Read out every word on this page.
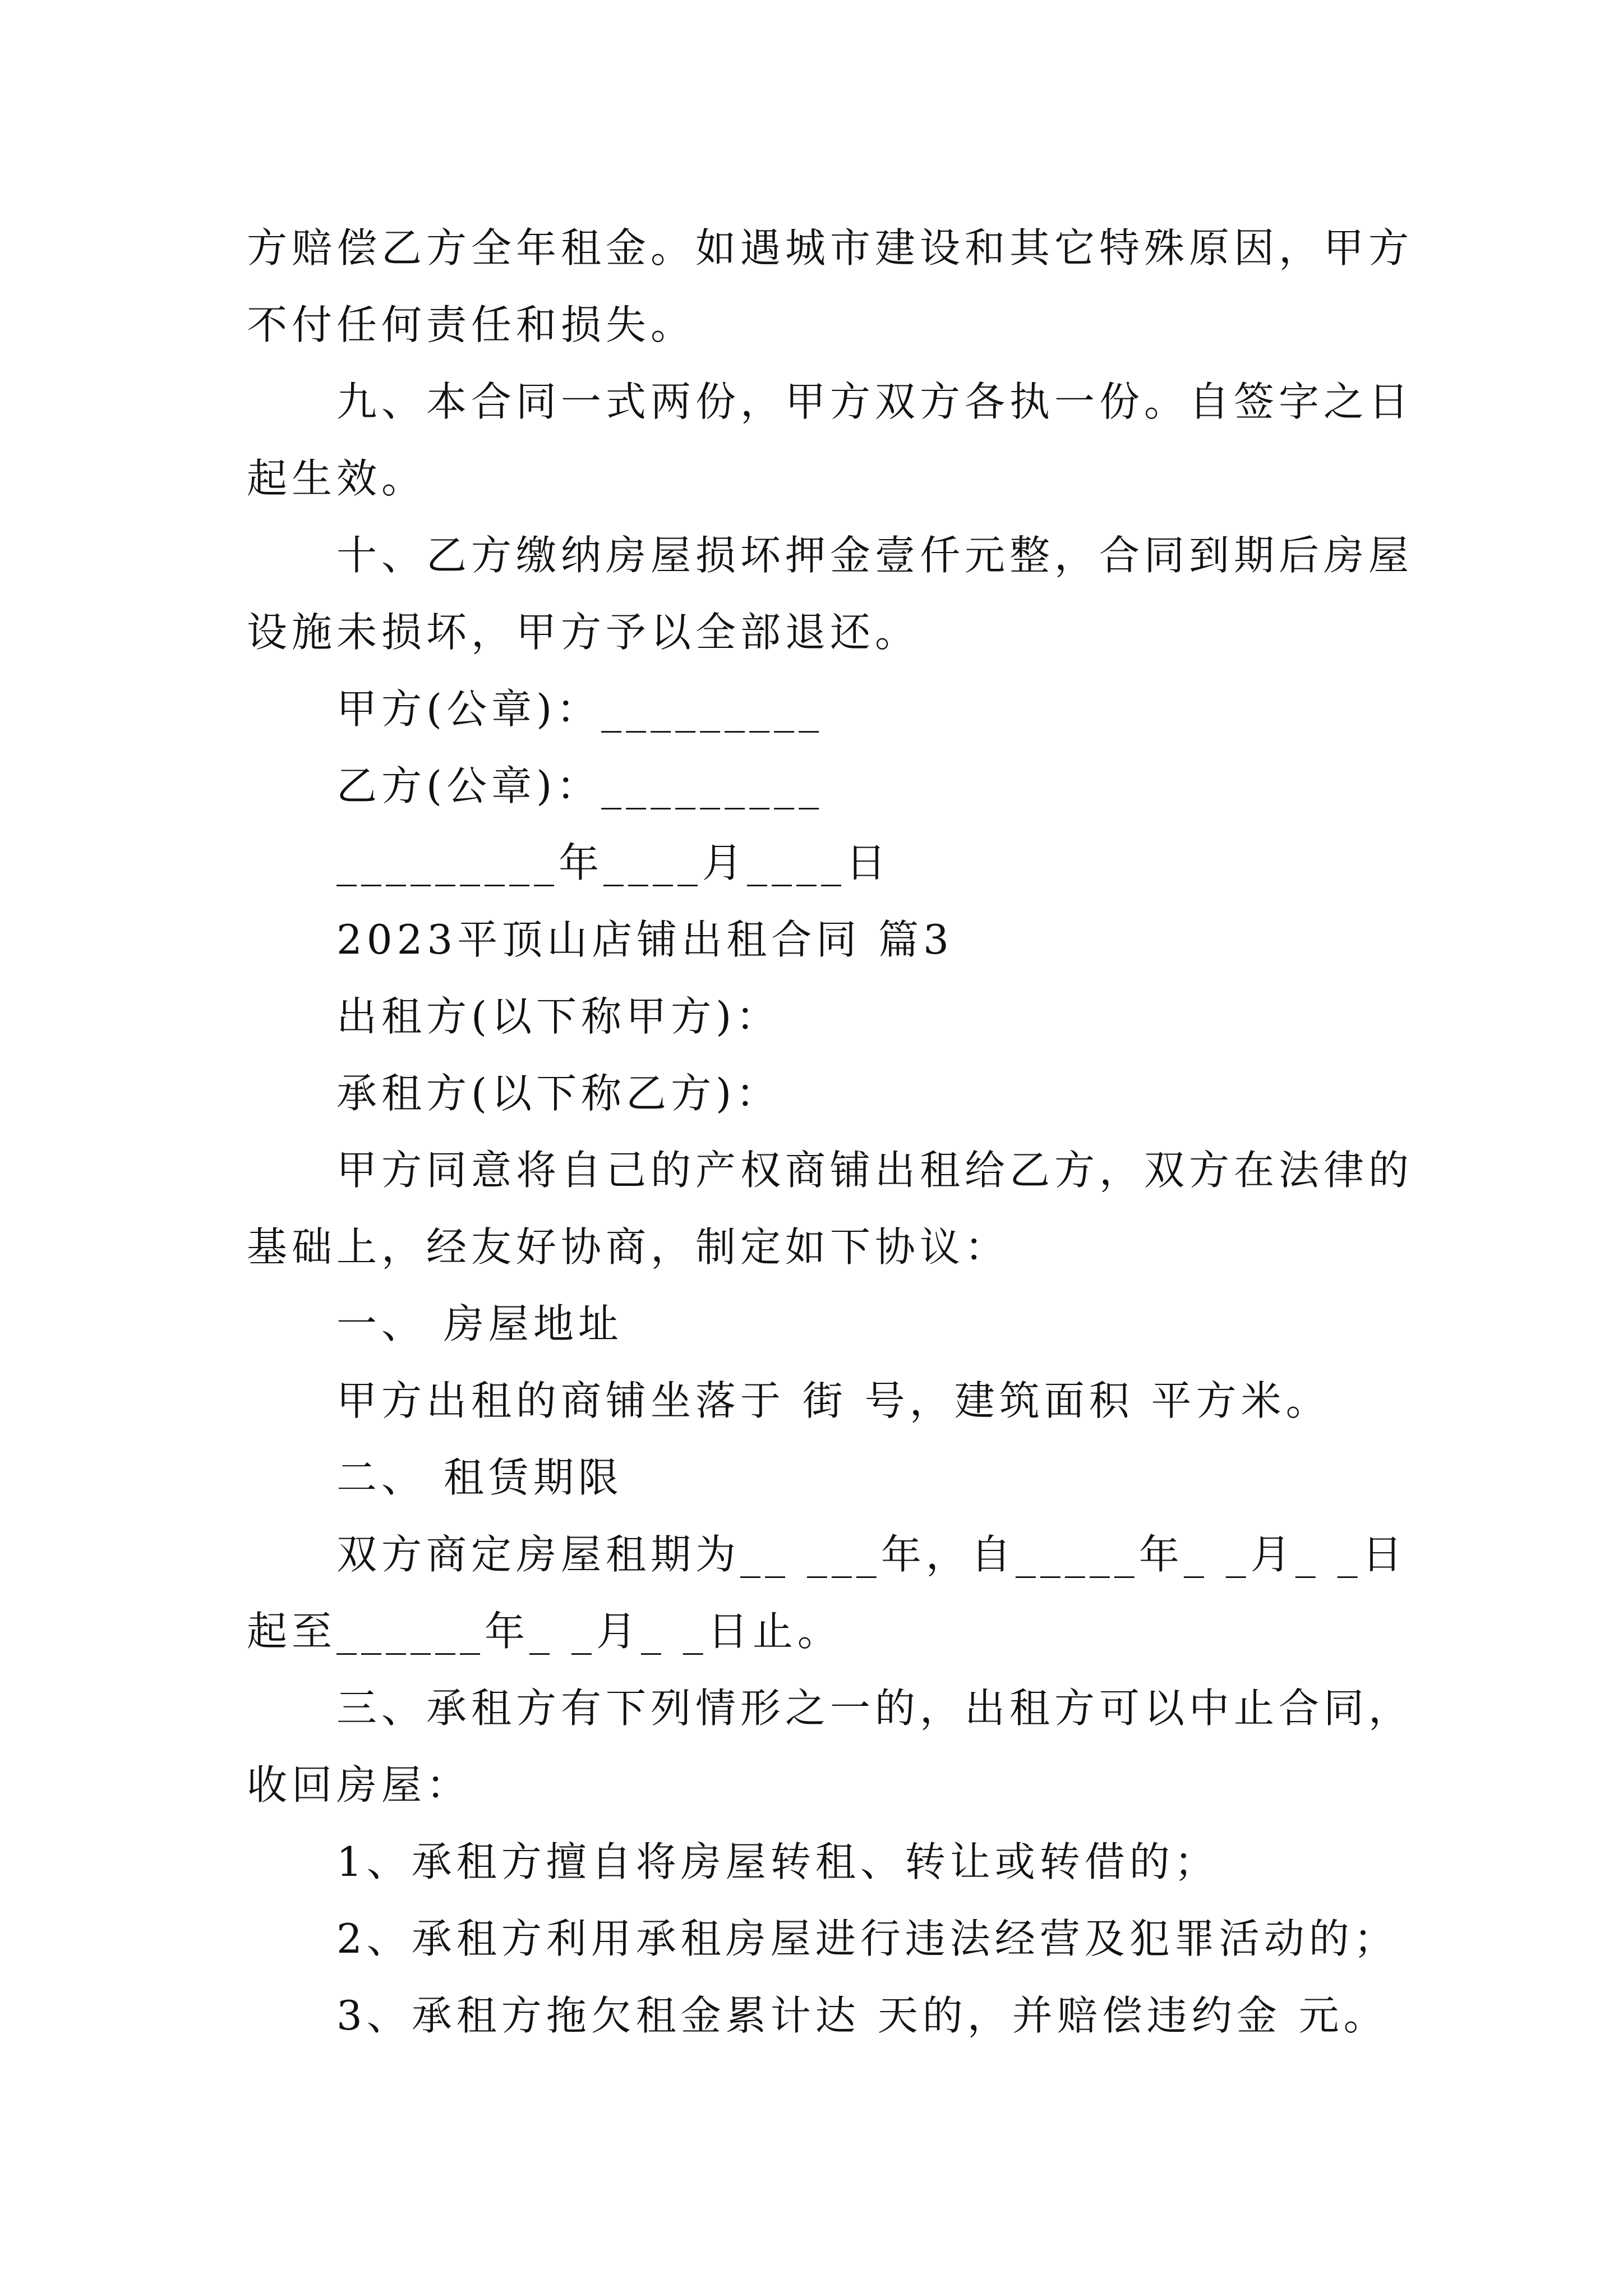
方赔偿乙方全年租金。如遇城市建设和其它特殊原因，甲方
不付任何责任和损失。
九、本合同一式两份，甲方双方各执一份。自签字之日
起生效。
十、乙方缴纳房屋损坏押金壹仟元整，合同到期后房屋
设施未损坏，甲方予以全部退还。
甲方(公章)：_________
乙方(公章)：_________
_________年____月____日
2023平顶山店铺出租合同 篇3
出租方(以下称甲方)：
承租方(以下称乙方)：
甲方同意将自己的产权商铺出租给乙方，双方在法律的
基础上，经友好协商，制定如下协议：
一、 房屋地址
甲方出租的商铺坐落于 街 号，建筑面积 平方米。
二、 租赁期限
双方商定房屋租期为__ ___年，自_____年_ _月_ _日
起至______年_ _月_ _日止。
三、承租方有下列情形之一的，出租方可以中止合同，
收回房屋：
1、承租方擅自将房屋转租、转让或转借的；
2、承租方利用承租房屋进行违法经营及犯罪活动的；
3、承租方拖欠租金累计达 天的，并赔偿违约金 元。
